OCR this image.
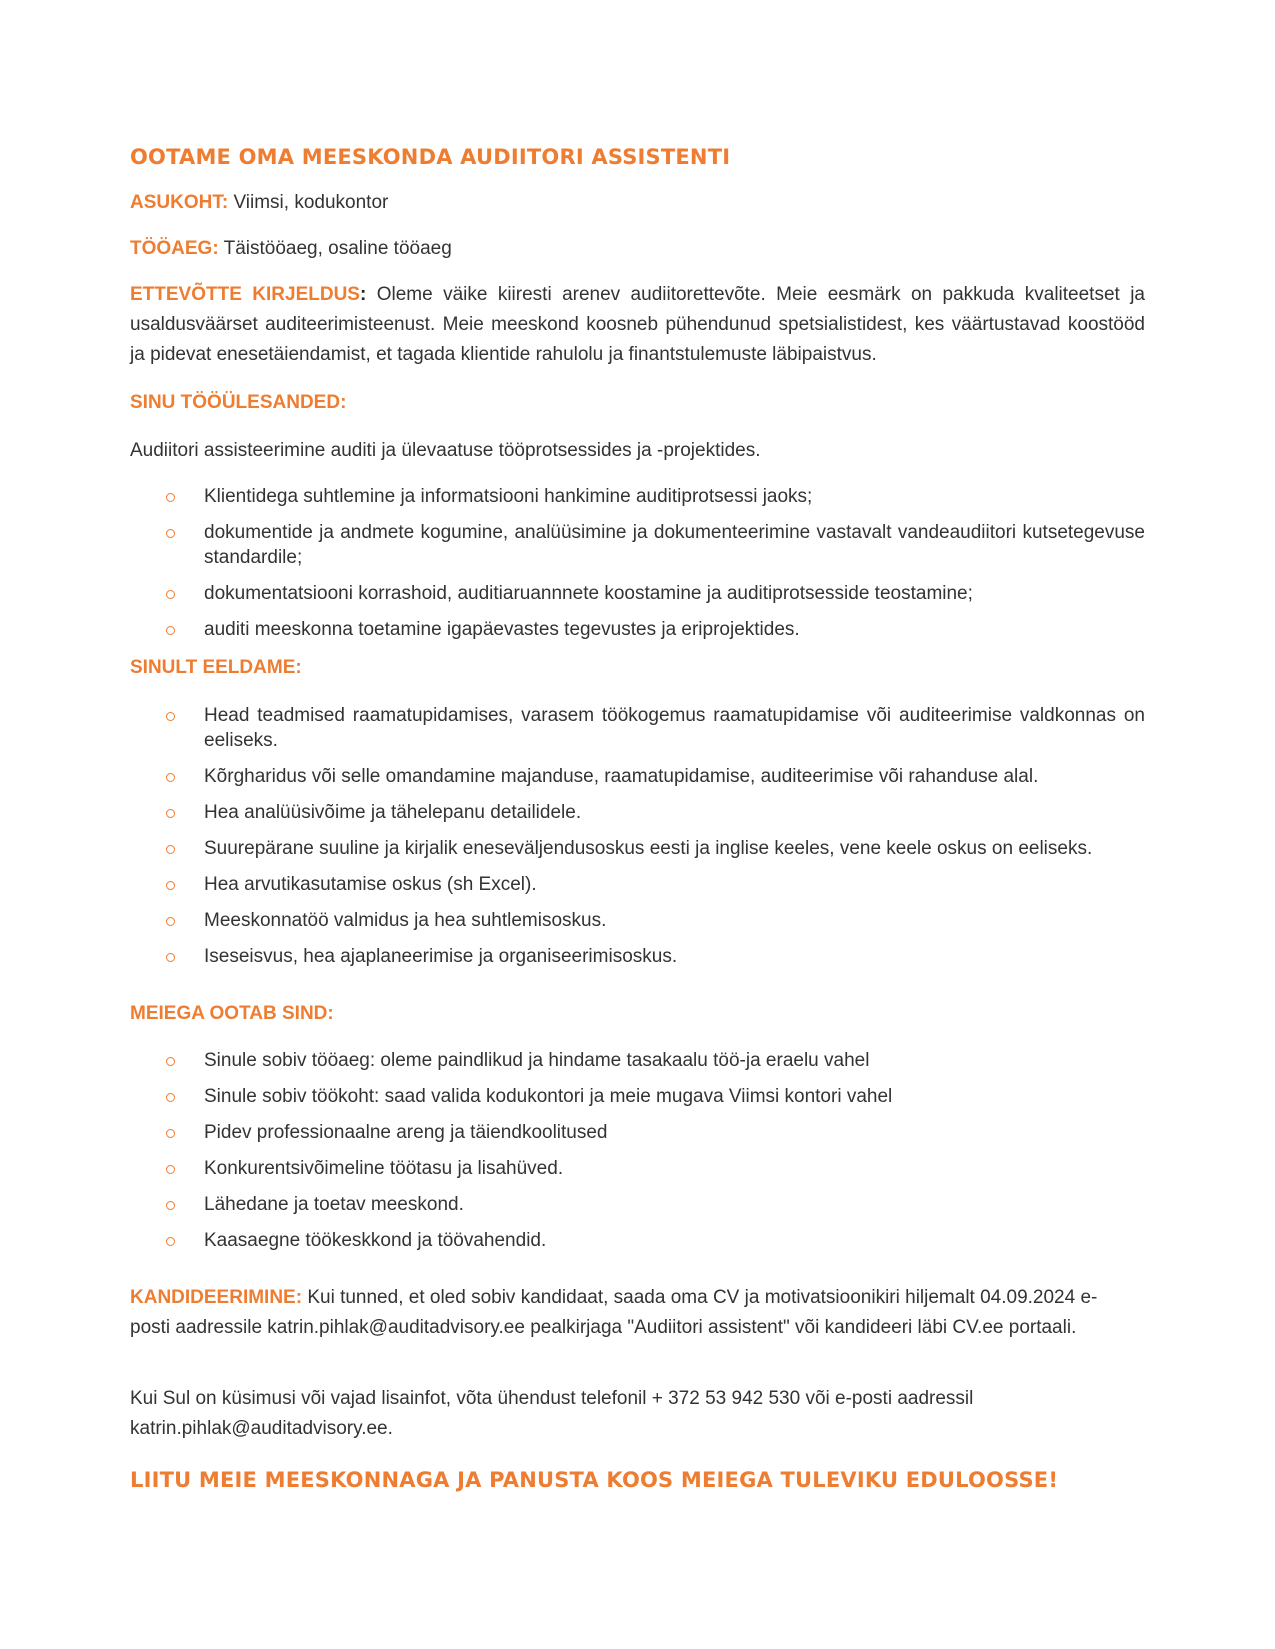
OOTAME OMA MEESKONDA AUDIITORI ASSISTENTI

ASUKOHT: Viimsi, kodukontor

TÖÖAEG: Täistööaeg, osaline tööaeg

ETTEVÕTTE KIRJELDUS: Oleme väike kiiresti arenev audiitorettevõte. Meie eesmärk on pakkuda kvaliteetset ja usaldusväärset auditeerimisteenust. Meie meeskond koosneb pühendunud spetsialistidest, kes väärtustavad koostööd ja pidevat enesetäiendamist, et tagada klientide rahulolu ja finantstulemuste läbipaistvus.

SINU TÖÖÜLESANDED:

Audiitori assisteerimine auditi ja ülevaatuse tööprotsessides ja -projektides.

Klientidega suhtlemine ja informatsiooni hankimine auditiprotsessi jaoks;
dokumentide ja andmete kogumine, analüüsimine ja dokumenteerimine vastavalt vandeaudiitori kutsetegevuse standardile;
dokumentatsiooni korrashoid, auditiaruannnete koostamine ja auditiprotsesside teostamine;
auditi meeskonna toetamine igapäevastes tegevustes ja eriprojektides.

SINULT EELDAME:

Head teadmised raamatupidamises, varasem töökogemus raamatupidamise või auditeerimise valdkonnas on eeliseks.
Kõrgharidus või selle omandamine majanduse, raamatupidamise, auditeerimise või rahanduse alal.
Hea analüüsivõime ja tähelepanu detailidele.
Suurepärane suuline ja kirjalik eneseväljendusoskus eesti ja inglise keeles, vene keele oskus on eeliseks.
Hea arvutikasutamise oskus (sh Excel).
Meeskonnatöö valmidus ja hea suhtlemisoskus.
Iseseisvus, hea ajaplaneerimise ja organiseerimisoskus.

MEIEGA OOTAB SIND:

Sinule sobiv tööaeg: oleme paindlikud ja hindame tasakaalu töö-ja eraelu vahel
Sinule sobiv töökoht: saad valida kodukontori ja meie mugava Viimsi kontori vahel
Pidev professionaalne areng ja täiendkoolitused
Konkurentsivõimeline töötasu ja lisahüved.
Lähedane ja toetav meeskond.
Kaasaegne töökeskkond ja töövahendid.

KANDIDEERIMINE: Kui tunned, et oled sobiv kandidaat, saada oma CV ja motivatsioonikiri hiljemalt 04.09.2024 e-posti aadressile katrin.pihlak@auditadvisory.ee pealkirjaga "Audiitori assistent" või kandideeri läbi CV.ee portaali.

Kui Sul on küsimusi või vajad lisainfot, võta ühendust telefonil + 372 53 942 530 või e-posti aadressil katrin.pihlak@auditadvisory.ee.

LIITU MEIE MEESKONNAGA JA PANUSTA KOOS MEIEGA TULEVIKU EDULOOSSE!
